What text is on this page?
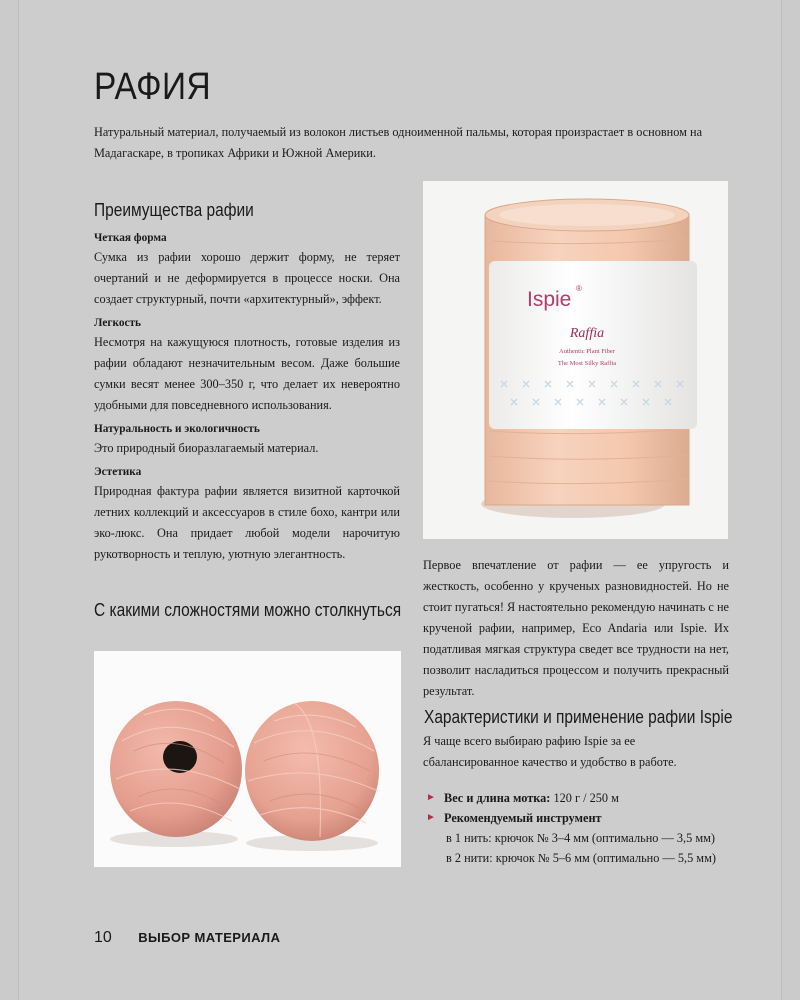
РАФИЯ

Натуральный материал, получаемый из волокон листьев одноименной пальмы, которая произрастает в основном на Мадагаскаре, в тропиках Африки и Южной Америки.

Преимущества рафии

Четкая форма

Сумка из рафии хорошо держит форму, не теряет очертаний и не деформируется в процессе носки. Она создает структурный, почти «архитектурный», эффект.

Легкость

Несмотря на кажущуюся плотность, готовые изделия из рафии обладают незначительным весом. Даже большие сумки весят менее 300–350 г, что делает их невероятно удобными для повседневного использования.

Натуральность и экологичность

Это природный биоразлагаемый материал.

Эстетика

Природная фактура рафии является визитной карточкой летних коллекций и аксессуаров в стиле бохо, кантри или эко-люкс. Она придает любой модели нарочитую рукотворность и теплую, уютную элегантность.

Ispie ®
Raffia
Authentic Plant Fiber
The Most Silky Raffia

Первое впечатление от рафии — ее упругость и жесткость, особенно у крученых разновидностей. Но не стоит пугаться! Я настоятельно рекомендую начинать с не крученой рафии, например, Eco Andaria или Ispie. Их податливая мягкая структура сведет все трудности на нет, позволит насладиться процессом и получить прекрасный результат.

С какими сложностями можно столкнуться
Характеристики и применение рафии Ispie

Я чаще всего выбираю рафию Ispie за ее сбалансированное качество и удобство в работе.

► Вес и длина мотка: 120 г / 250 м
► Рекомендуемый инструмент
в 1 нить: крючок № 3–4 мм (оптимально — 3,5 мм)
в 2 нити: крючок № 5–6 мм (оптимально — 5,5 мм)
10 ВЫБОР МАТЕРИАЛА
